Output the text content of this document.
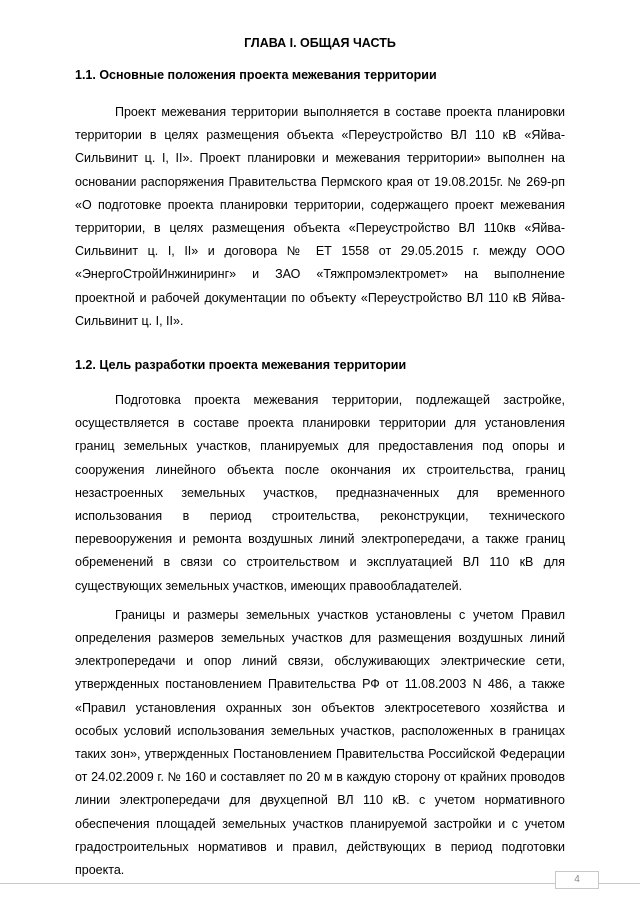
ГЛАВА I. ОБЩАЯ ЧАСТЬ
1.1. Основные положения проекта межевания территории

Проект межевания территории выполняется в составе проекта планировки территории в целях размещения объекта «Переустройство ВЛ 110 кВ «Яйва-Сильвинит ц. I, II». Проект планировки и межевания территории» выполнен на основании распоряжения Правительства Пермского края от 19.08.2015г. № 269-рп «О подготовке проекта планировки территории, содержащего проект межевания территории, в целях размещения объекта «Переустройство ВЛ 110кв «Яйва-Сильвинит ц. I, II» и договора № ЕТ 1558 от 29.05.2015 г. между ООО «ЭнергоСтройИнжиниринг» и ЗАО «Тяжпромэлектромет» на выполнение проектной и рабочей документации по объекту «Переустройство ВЛ 110 кВ Яйва-Сильвинит ц. I, II».

1.2. Цель разработки проекта межевания территории

Подготовка проекта межевания территории, подлежащей застройке, осуществляется в составе проекта планировки территории для установления границ земельных участков, планируемых для предоставления под опоры и сооружения линейного объекта после окончания их строительства, границ незастроенных земельных участков, предназначенных для временного использования в период строительства, реконструкции, технического перевооружения и ремонта воздушных линий электропередачи, а также границ обременений в связи со строительством и эксплуатацией ВЛ 110 кВ для существующих земельных участков, имеющих правообладателей.

Границы и размеры земельных участков установлены с учетом Правил определения размеров земельных участков для размещения воздушных линий электропередачи и опор линий связи, обслуживающих электрические сети, утвержденных постановлением Правительства РФ от 11.08.2003 N 486, а также «Правил установления охранных зон объектов электросетевого хозяйства и особых условий использования земельных участков, расположенных в границах таких зон», утвержденных Постановлением Правительства Российской Федерации от 24.02.2009 г. № 160 и составляет по 20 м в каждую сторону от крайних проводов линии электропередачи для двухцепной ВЛ 110 кВ. с учетом нормативного обеспечения площадей земельных участков планируемой застройки и с учетом градостроительных нормативов и правил, действующих в период подготовки проекта.

4
